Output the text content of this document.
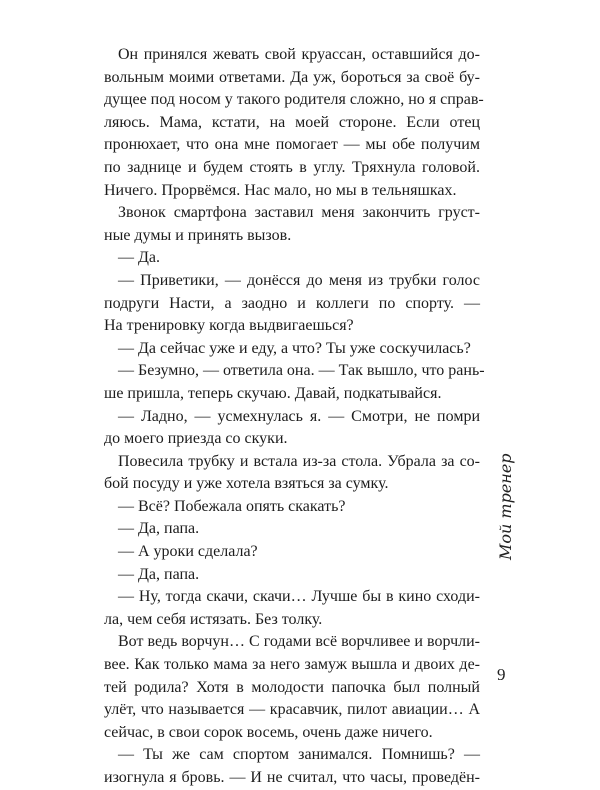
Он принялся жевать свой круассан, оставшийся до-
вольным моими ответами. Да уж, бороться за своё бу-
дущее под носом у такого родителя сложно, но я справ-
ляюсь. Мама, кстати, на моей стороне. Если отец
пронюхает, что она мне помогает — мы обе получим
по заднице и будем стоять в углу. Тряхнула головой.
Ничего. Прорвёмся. Нас мало, но мы в тельняшках.
Звонок смартфона заставил меня закончить груст-
ные думы и принять вызов.
— Да.
— Приветики, — донёсся до меня из трубки голос
подруги Насти, а заодно и коллеги по спорту. —
На тренировку когда выдвигаешься?
— Да сейчас уже и еду, а что? Ты уже соскучилась?
— Безумно, — ответила она. — Так вышло, что рань-
ше пришла, теперь скучаю. Давай, подкатывайся.
— Ладно, — усмехнулась я. — Смотри, не помри
до моего приезда со скуки.
Повесила трубку и встала из-за стола. Убрала за со-
бой посуду и уже хотела взяться за сумку.
— Всё? Побежала опять скакать?
— Да, папа.
— А уроки сделала?
— Да, папа.
— Ну, тогда скачи, скачи… Лучше бы в кино сходи-
ла, чем себя истязать. Без толку.
Вот ведь ворчун… С годами всё ворчливее и ворчли-
вее. Как только мама за него замуж вышла и двоих де-
тей родила? Хотя в молодости папочка был полный
улёт, что называется — красавчик, пилот авиации… А
сейчас, в свои сорок восемь, очень даже ничего.
— Ты же сам спортом занимался. Помнишь? —
изогнула я бровь. — И не считал, что часы, проведён-
Мой тренер
9
